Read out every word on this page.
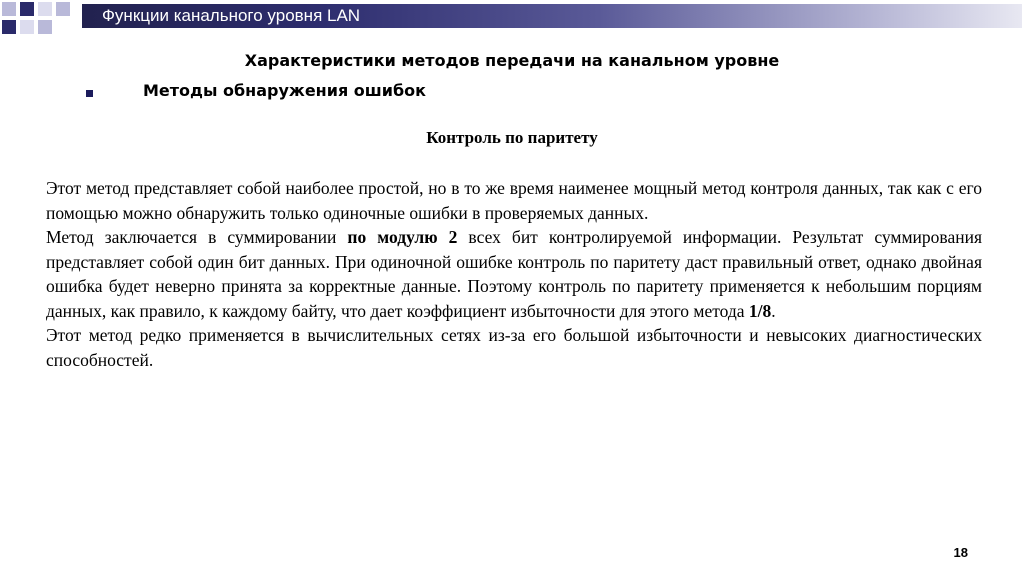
Функции канального уровня LAN
Характеристики методов передачи на канальном уровне
Методы обнаружения ошибок
Контроль по паритету

Этот метод представляет собой наиболее простой, но в то же время наименее мощный метод контроля данных, так как с его помощью можно обнаружить только одиночные ошибки в проверяемых данных.

Метод заключается в суммировании по модулю 2 всех бит контролируемой информации. Результат суммирования представляет собой один бит данных. При одиночной ошибке контроль по паритету даст правильный ответ, однако двойная ошибка будет неверно принята за корректные данные. Поэтому контроль по паритету применяется к небольшим порциям данных, как правило, к каждому байту, что дает коэффициент избыточности для этого метода 1/8.

Этот метод редко применяется в вычислительных сетях из-за его большой избыточности и невысоких диагностических способностей.

18
